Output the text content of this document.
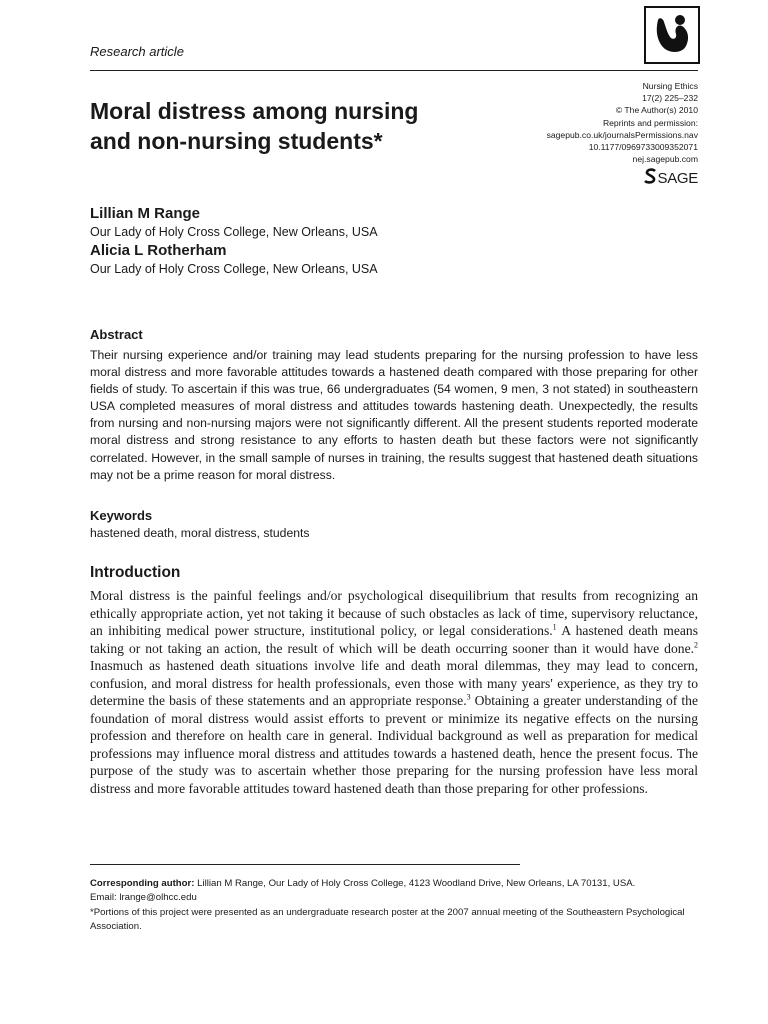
Research article
Moral distress among nursing
and non-nursing students*
Nursing Ethics
17(2) 225–232
© The Author(s) 2010
Reprints and permission:
sagepub.co.uk/journalsPermissions.nav
10.1177/0969733009352071
nej.sagepub.com
SAGE
Lillian M Range
Our Lady of Holy Cross College, New Orleans, USA
Alicia L Rotherham
Our Lady of Holy Cross College, New Orleans, USA
Abstract
Their nursing experience and/or training may lead students preparing for the nursing profession to have less moral distress and more favorable attitudes towards a hastened death compared with those preparing for other fields of study. To ascertain if this was true, 66 undergraduates (54 women, 9 men, 3 not stated) in southeastern USA completed measures of moral distress and attitudes towards hastening death. Unexpectedly, the results from nursing and non-nursing majors were not significantly different. All the present students reported moderate moral distress and strong resistance to any efforts to hasten death but these factors were not significantly correlated. However, in the small sample of nurses in training, the results suggest that hastened death situations may not be a prime reason for moral distress.
Keywords
hastened death, moral distress, students
Introduction
Moral distress is the painful feelings and/or psychological disequilibrium that results from recognizing an ethically appropriate action, yet not taking it because of such obstacles as lack of time, supervisory reluctance, an inhibiting medical power structure, institutional policy, or legal considerations.$^1$ A hastened death means taking or not taking an action, the result of which will be death occurring sooner than it would have done.$^2$ Inasmuch as hastened death situations involve life and death moral dilemmas, they may lead to concern, confusion, and moral distress for health professionals, even those with many years' experience, as they try to determine the basis of these statements and an appropriate response.$^3$ Obtaining a greater understanding of the foundation of moral distress would assist efforts to prevent or minimize its negative effects on the nursing profession and therefore on health care in general. Individual background as well as preparation for medical professions may influence moral distress and attitudes towards a hastened death, hence the present focus. The purpose of the study was to ascertain whether those preparing for the nursing profession have less moral distress and more favorable attitudes toward hastened death than those preparing for other professions.
Corresponding author: Lillian M Range, Our Lady of Holy Cross College, 4123 Woodland Drive, New Orleans, LA 70131, USA.
Email: lrange@olhcc.edu
*Portions of this project were presented as an undergraduate research poster at the 2007 annual meeting of the Southeastern Psychological Association.
